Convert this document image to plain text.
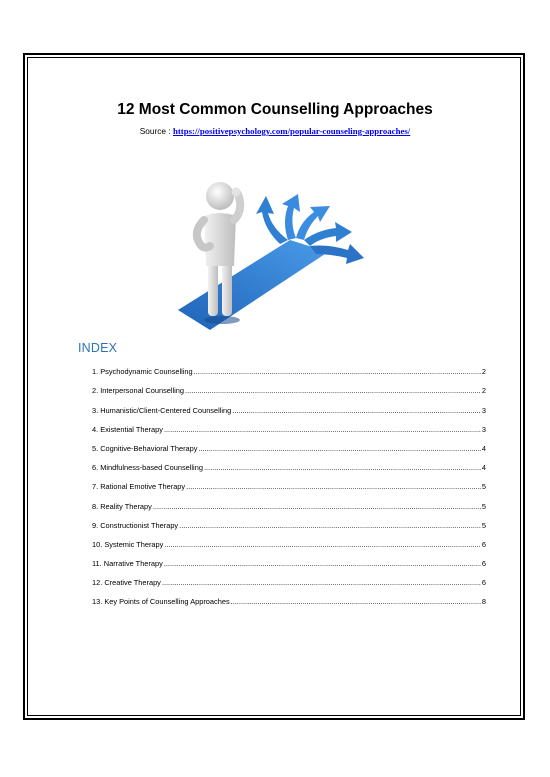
12 Most Common Counselling Approaches
Source : https://positivepsychology.com/popular-counseling-approaches/
INDEX
1. Psychodynamic Counselling .....	2
2. Interpersonal Counselling .....	2
3. Humanistic/Client-Centered Counselling .....	3
4. Existential Therapy .....	3
5. Cognitive-Behavioral Therapy .....	4
6. Mindfulness-based Counselling .....	4
7. Rational Emotive Therapy .....	5
8. Reality Therapy .....	5
9. Constructionist Therapy .....	5
10. Systemic Therapy .....	6
11. Narrative Therapy .....	6
12. Creative Therapy .....	6
13. Key Points of Counselling Approaches .....	8
